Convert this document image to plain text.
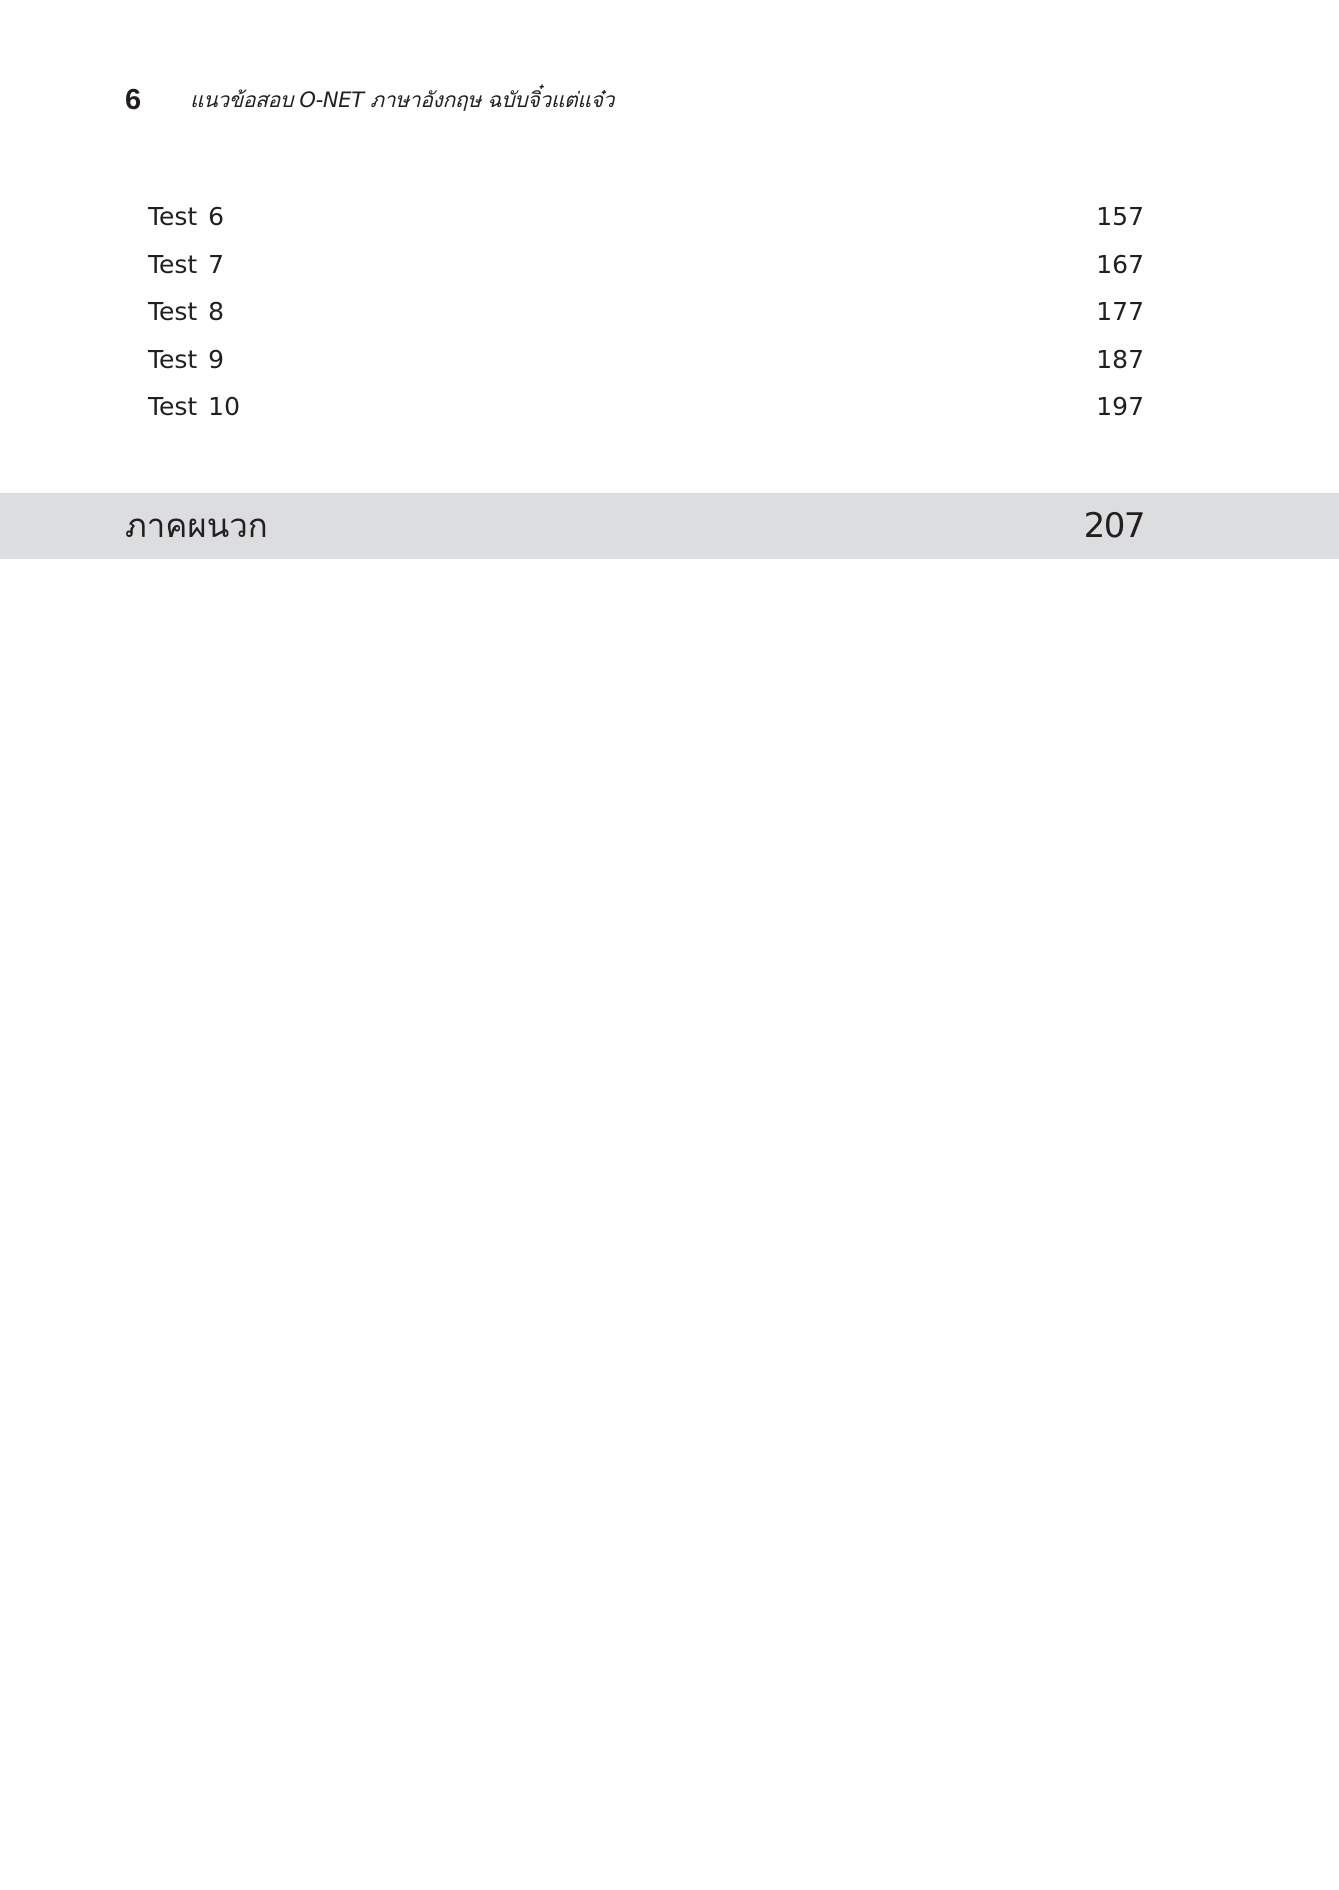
6	แนวข้อสอบ O-NET ภาษาอังกฤษ ฉบับจิ๋วแต่แจ๋ว
Test 6	157
Test 7	167
Test 8	177
Test 9	187
Test 10	197
ภาคผนวก	207
